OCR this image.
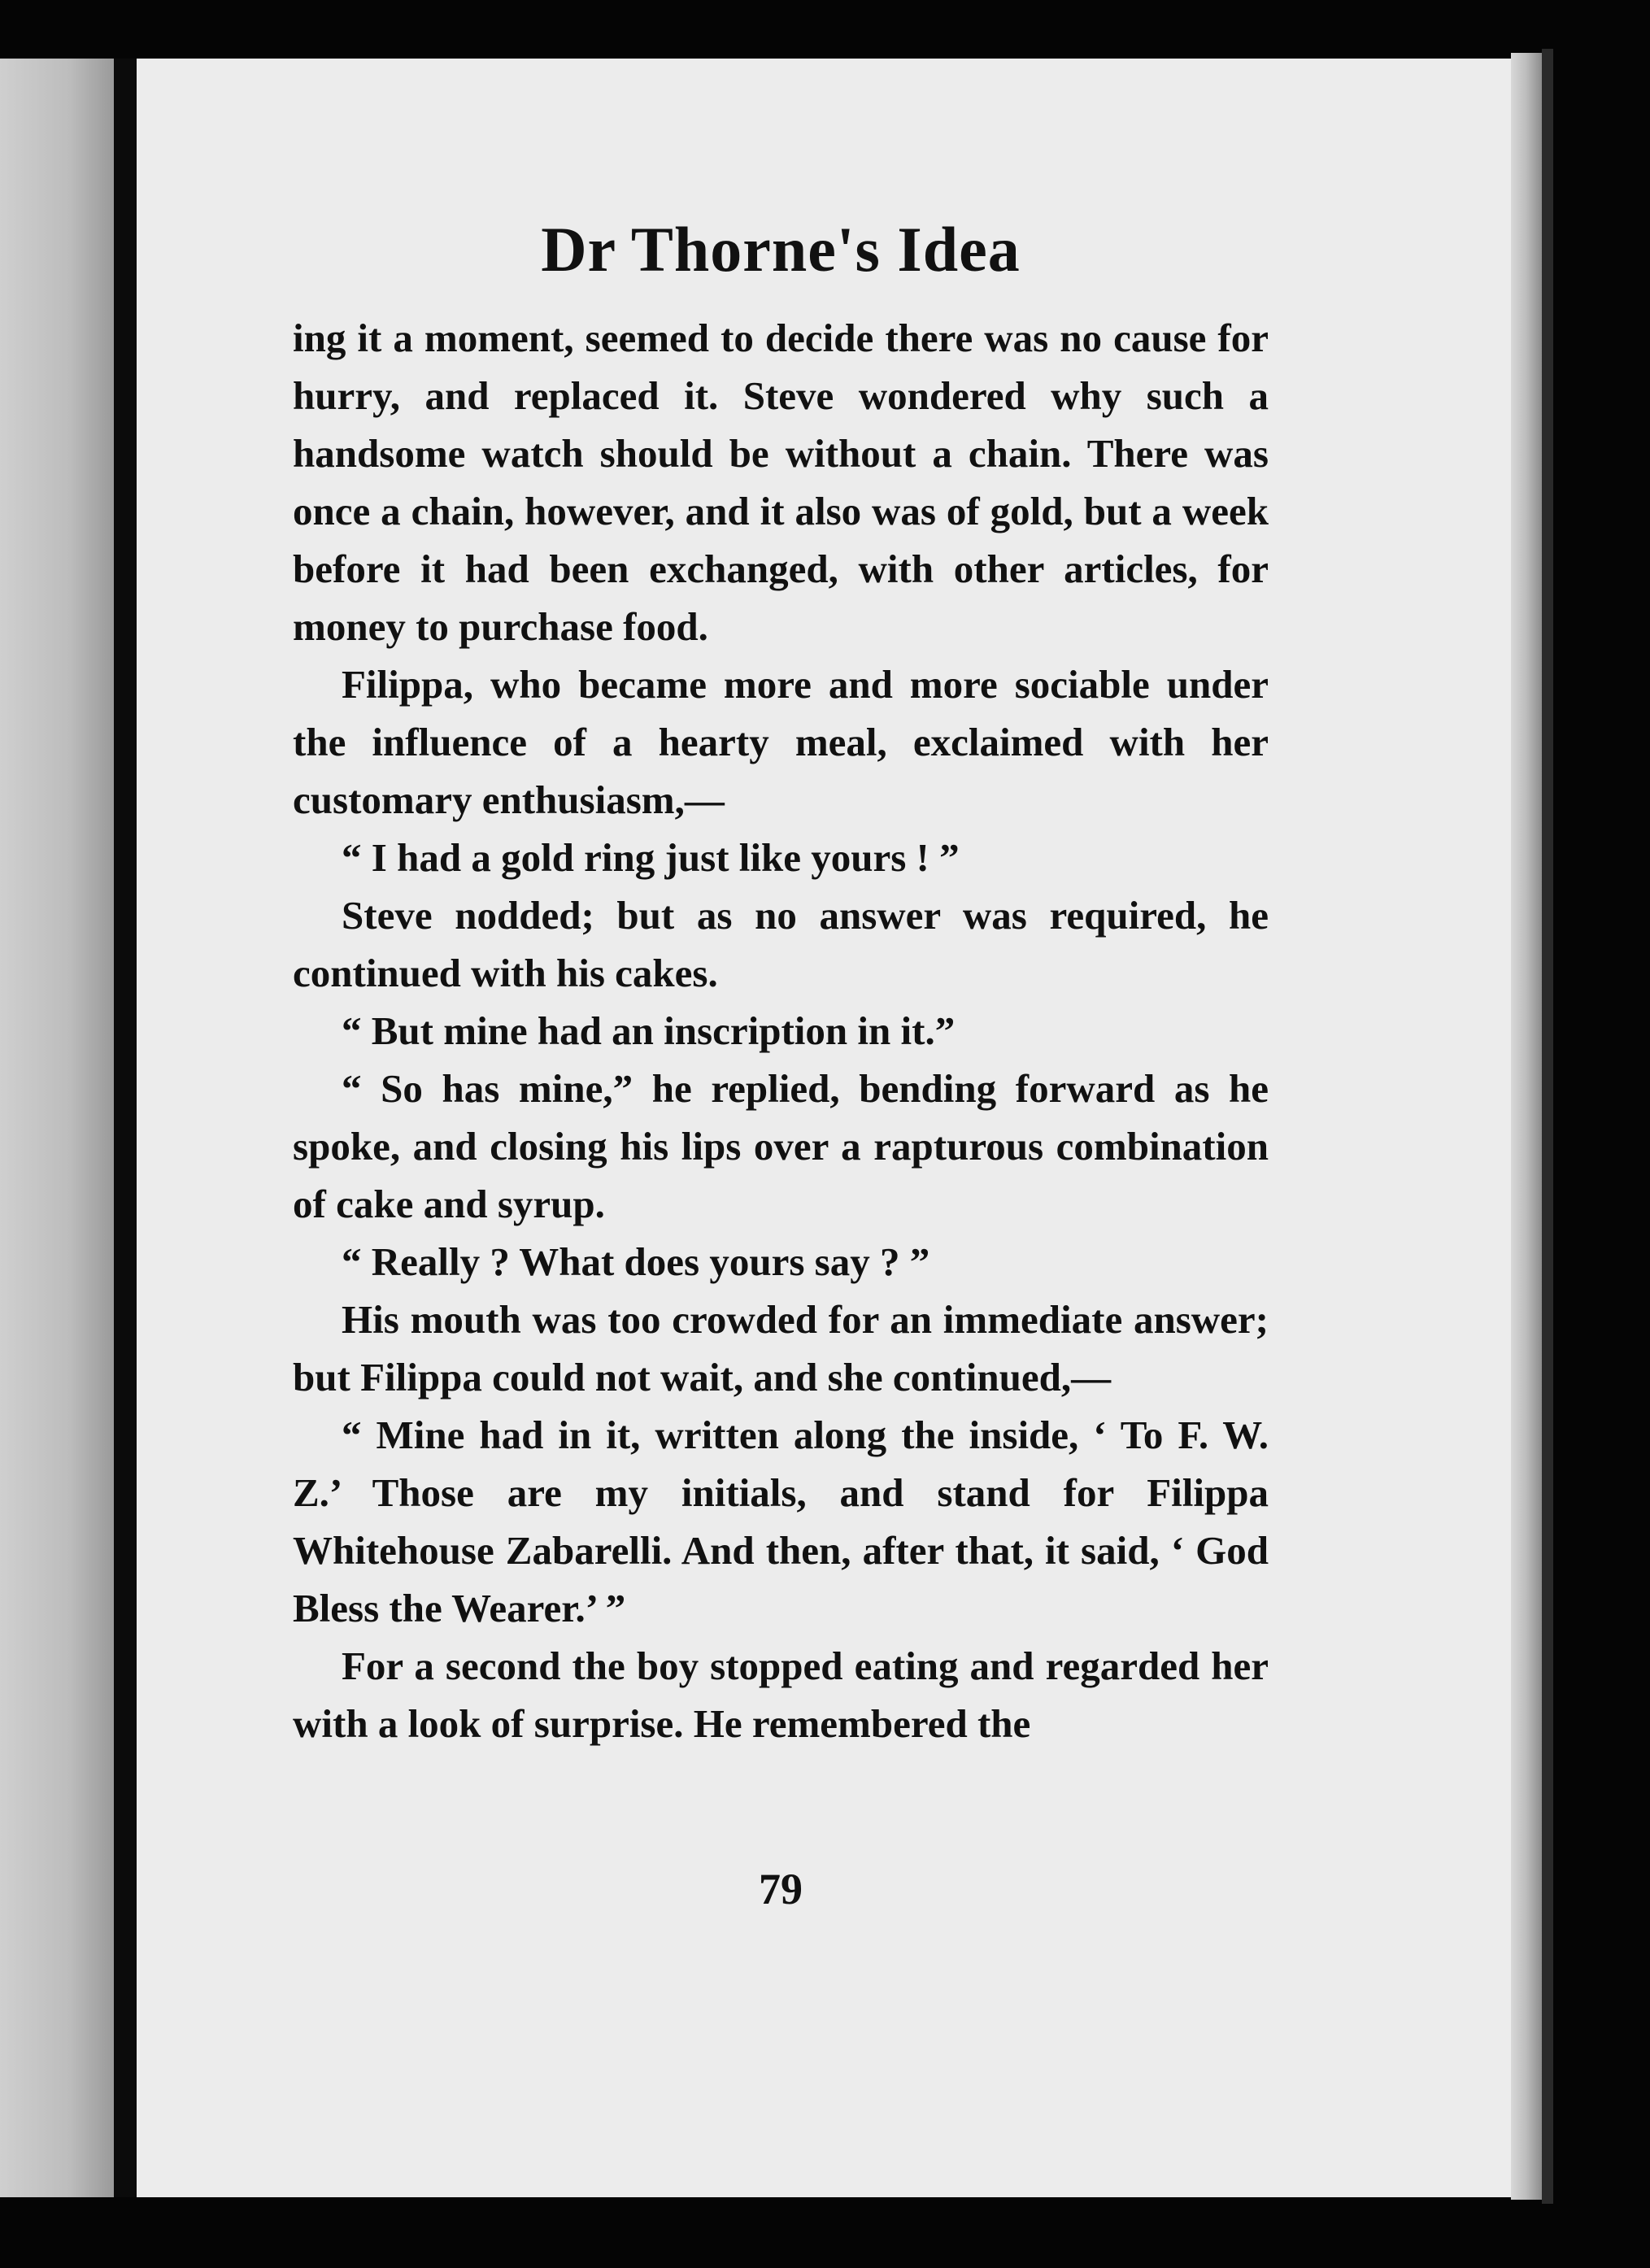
Dr Thorne's Idea

ing it a moment, seemed to decide there was no cause for hurry, and replaced it. Steve wondered why such a handsome watch should be without a chain. There was once a chain, however, and it also was of gold, but a week before it had been exchanged, with other articles, for money to purchase food.

Filippa, who became more and more sociable under the influence of a hearty meal, exclaimed with her customary enthusiasm,—

“ I had a gold ring just like yours ! ”

Steve nodded; but as no answer was required, he continued with his cakes.

“ But mine had an inscription in it.”

“ So has mine,” he replied, bending forward as he spoke, and closing his lips over a rapturous combination of cake and syrup.

“ Really ? What does yours say ? ”

His mouth was too crowded for an immediate answer; but Filippa could not wait, and she continued,—

“ Mine had in it, written along the inside, ‘ To F. W. Z.’ Those are my initials, and stand for Filippa Whitehouse Zabarelli. And then, after that, it said, ‘ God Bless the Wearer.’ ”

For a second the boy stopped eating and regarded her with a look of surprise. He remembered the

79
